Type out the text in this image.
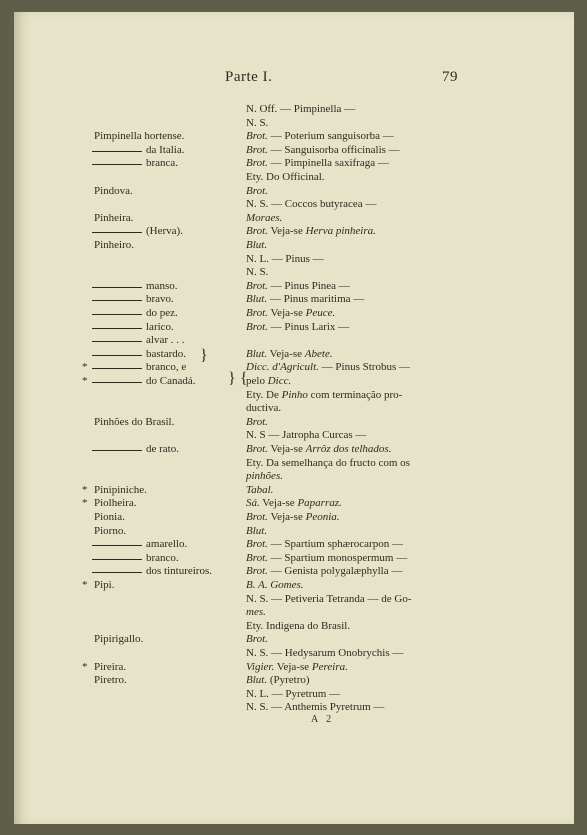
Parte I.	79
N. Off. — Pimpinella —
N. S.
Pimpinella hortense.	Brot. — Poterium sanguisorba —
da Italia.	Brot. — Sanguisorba officinalis —
branca.	Brot. — Pimpinella saxifraga —
Ety. Do Officinal.
Pindova.	Brot.
N. S. — Coccos butyracea —
Pinheira.	Moraes.
(Herva).	Brot. Veja-se Herva pinheira.
Pinheiro.	Blut.
N. L. — Pinus —
N. S.
manso.	Brot. — Pinus Pinea —
bravo.	Blut. — Pinus maritima —
do pez.	Brot. Veja-se Peuce.
larico.	Brot. — Pinus Larix —
alvar . . .
bastardo.	Blut. Veja-se Abete.
*	branco, e	Dicc. d'Agricult. — Pinus Strobus —
*	do Canadá.	pelo Dicc.
Ety. De Pinho com terminação pro-
ductiva.
Pinhões do Brasil.	Brot.
N. S — Jatropha Curcas —
de rato.	Brot. Veja-se Arrôz dos telhados.
Ety. Da semelhança do fructo com os
pinhões.
* Pinipiniche.	Tabal.
* Piolheira.	Sá. Veja-se Paparraz.
Pionia.	Brot. Veja-se Peonia.
Piorno.	Blut.
amarello.	Brot. — Spartium sphærocarpon —
branco.	Brot. — Spartium monospermum —
dos tintureiros.	Brot. — Genista polygalæphylla —
* Pipi.	B. A. Gomes.
N. S. — Petiveria Tetranda — de Go-
mes.
Ety. Indigena do Brasil.
Pipirigallo.	Brot.
N. S. — Hedysarum Onobrychis —
* Pireira.	Vigier. Veja-se Pereira.
Piretro.	Blut. (Pyretro)
N. L. — Pyretrum —
N. S. — Anthemis Pyretrum —
}
} {
A 2
